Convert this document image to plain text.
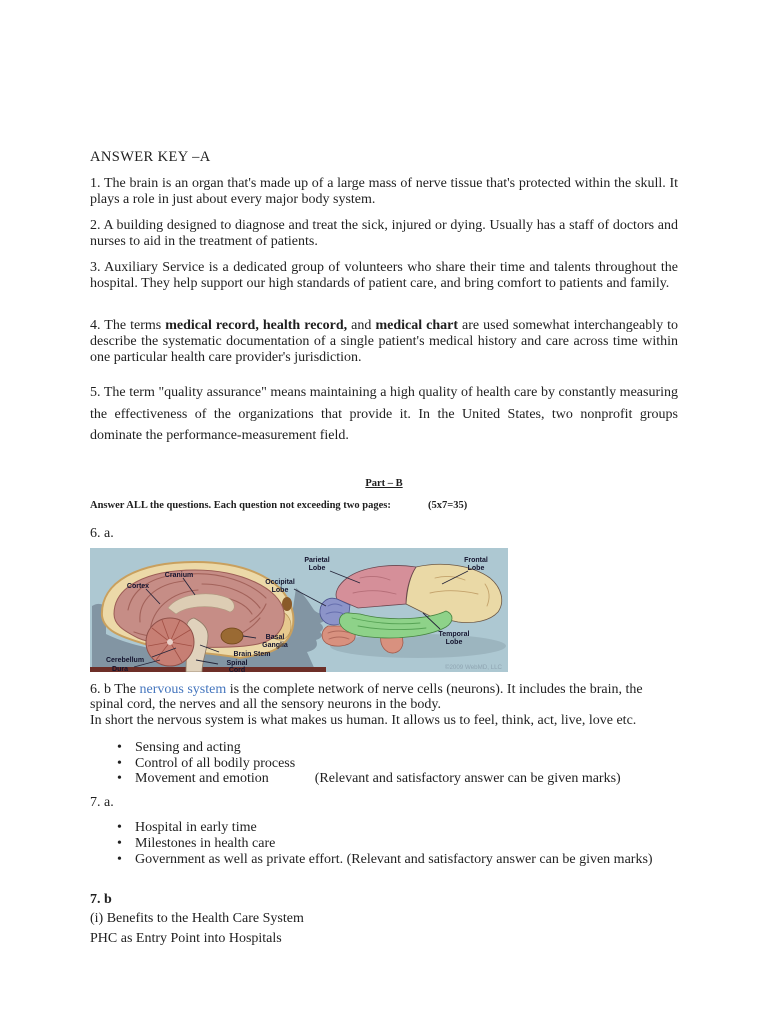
ANSWER KEY –A
1. The brain is an organ that's made up of a large mass of nerve tissue that's protected within the skull. It plays a role in just about every major body system.
2. A building designed to diagnose and treat the sick, injured or dying. Usually has a staff of doctors and nurses to aid in the treatment of patients.
3. Auxiliary Service is a dedicated group of volunteers who share their time and talents throughout the hospital. They help support our high standards of patient care, and bring comfort to patients and family.
4. The terms medical record, health record, and medical chart are used somewhat interchangeably to describe the systematic documentation of a single patient's medical history and care across time within one particular health care provider's jurisdiction.
5. The term "quality assurance" means maintaining a high quality of health care by constantly measuring the effectiveness of the organizations that provide it. In the United States, two nonprofit groups dominate the performance-measurement field.
Part – B
Answer ALL the questions. Each question not exceeding two pages:	(5x7=35)
6. a.
Cortex
Cranium
Cerebellum
Dura
Basal
Ganglia
Brain Stem
Spinal
Cord
Occipital
Lobe
Parietal
Lobe
Frontal
Lobe
Temporal
Lobe
©2009 WebMD, LLC
6. b The nervous system is the complete network of nerve cells (neurons). It includes the brain, the spinal cord, the nerves and all the sensory neurons in the body.
In short the nervous system is what makes us human. It allows us to feel, think, act, live, love etc.
• Sensing and acting
• Control of all bodily process
• Movement and emotion	(Relevant and satisfactory answer can be given marks)
7. a.
• Hospital in early time
• Milestones in health care
• Government as well as private effort. (Relevant and satisfactory answer can be given marks)
7. b
(i) Benefits to the Health Care System
PHC as Entry Point into Hospitals
